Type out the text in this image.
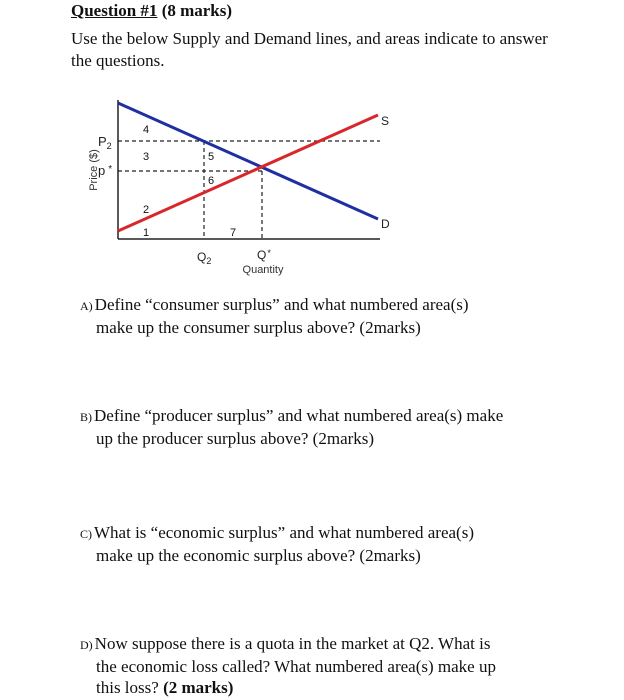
Question #1 (8 marks)
Use the below Supply and Demand lines, and areas indicate to answer the questions.
S
D
Price ($)
$P_2$
p *
4
3	5
6
2
1	7
$Q_2$	Q*
Quantity
A) Define “consumer surplus” and what numbered area(s)
make up the consumer surplus above? (2marks)
B) Define “producer surplus” and what numbered area(s) make
up the producer surplus above? (2marks)
C) What is “economic surplus” and what numbered area(s)
make up the economic surplus above? (2marks)
D) Now suppose there is a quota in the market at Q2. What is
the economic loss called? What numbered area(s) make up
this loss? (2 marks)
